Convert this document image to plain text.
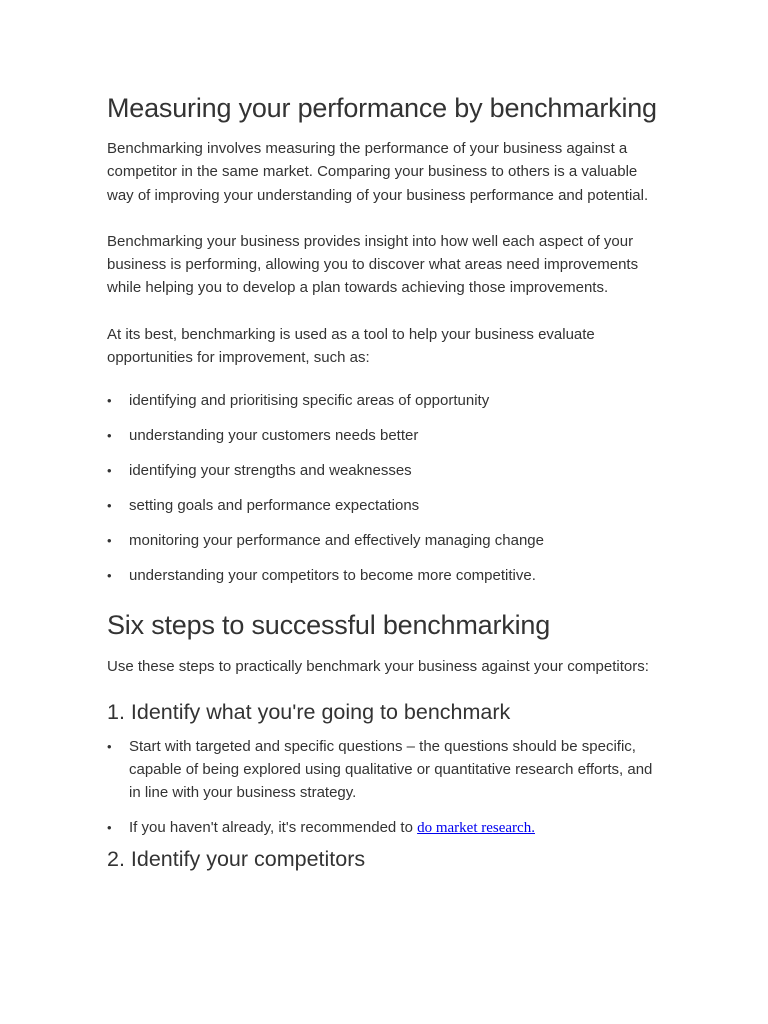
Measuring your performance by benchmarking

Benchmarking involves measuring the performance of your business against a competitor in the same market. Comparing your business to others is a valuable way of improving your understanding of your business performance and potential.

Benchmarking your business provides insight into how well each aspect of your business is performing, allowing you to discover what areas need improvements while helping you to develop a plan towards achieving those improvements.

At its best, benchmarking is used as a tool to help your business evaluate opportunities for improvement, such as:

• identifying and prioritising specific areas of opportunity
• understanding your customers needs better
• identifying your strengths and weaknesses
• setting goals and performance expectations
• monitoring your performance and effectively managing change
• understanding your competitors to become more competitive.
Six steps to successful benchmarking

Use these steps to practically benchmark your business against your competitors:

1. Identify what you're going to benchmark
• Start with targeted and specific questions – the questions should be specific, capable of being explored using qualitative or quantitative research efforts, and in line with your business strategy.
• If you haven't already, it's recommended to do market research.
2. Identify your competitors
